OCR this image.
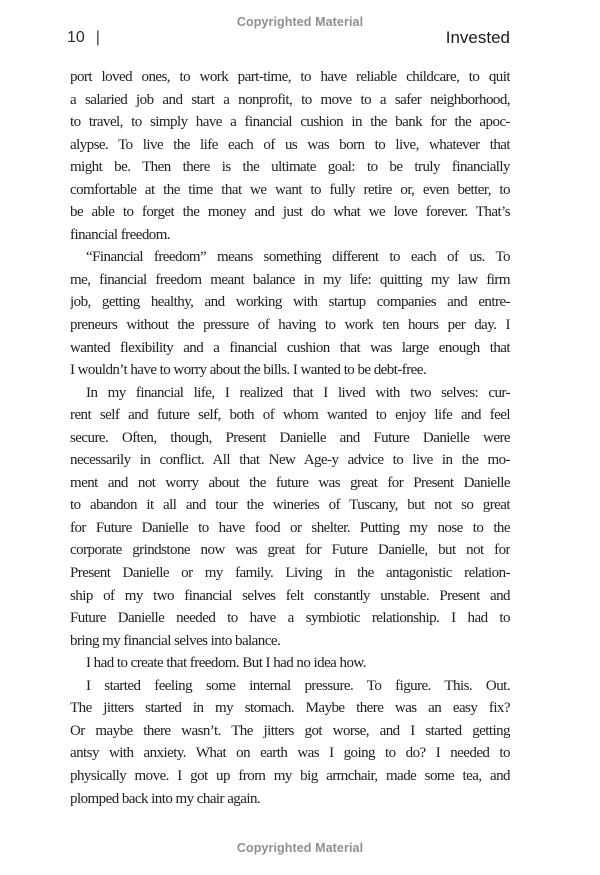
Copyrighted Material
10 |	Invested
port loved ones, to work part-time, to have reliable childcare, to quit
a salaried job and start a nonprofit, to move to a safer neighborhood,
to travel, to simply have a financial cushion in the bank for the apoc-
alypse. To live the life each of us was born to live, whatever that
might be. Then there is the ultimate goal: to be truly financially
comfortable at the time that we want to fully retire or, even better, to
be able to forget the money and just do what we love forever. That’s
financial freedom.
“Financial freedom” means something different to each of us. To
me, financial freedom meant balance in my life: quitting my law firm
job, getting healthy, and working with startup companies and entre-
preneurs without the pressure of having to work ten hours per day. I
wanted flexibility and a financial cushion that was large enough that
I wouldn’t have to worry about the bills. I wanted to be debt-free.
In my financial life, I realized that I lived with two selves: cur-
rent self and future self, both of whom wanted to enjoy life and feel
secure. Often, though, Present Danielle and Future Danielle were
necessarily in conflict. All that New Age-y advice to live in the mo-
ment and not worry about the future was great for Present Danielle
to abandon it all and tour the wineries of Tuscany, but not so great
for Future Danielle to have food or shelter. Putting my nose to the
corporate grindstone now was great for Future Danielle, but not for
Present Danielle or my family. Living in the antagonistic relation-
ship of my two financial selves felt constantly unstable. Present and
Future Danielle needed to have a symbiotic relationship. I had to
bring my financial selves into balance.
I had to create that freedom. But I had no idea how.
I started feeling some internal pressure. To figure. This. Out.
The jitters started in my stomach. Maybe there was an easy fix?
Or maybe there wasn’t. The jitters got worse, and I started getting
antsy with anxiety. What on earth was I going to do? I needed to
physically move. I got up from my big armchair, made some tea, and
plomped back into my chair again.
Copyrighted Material
